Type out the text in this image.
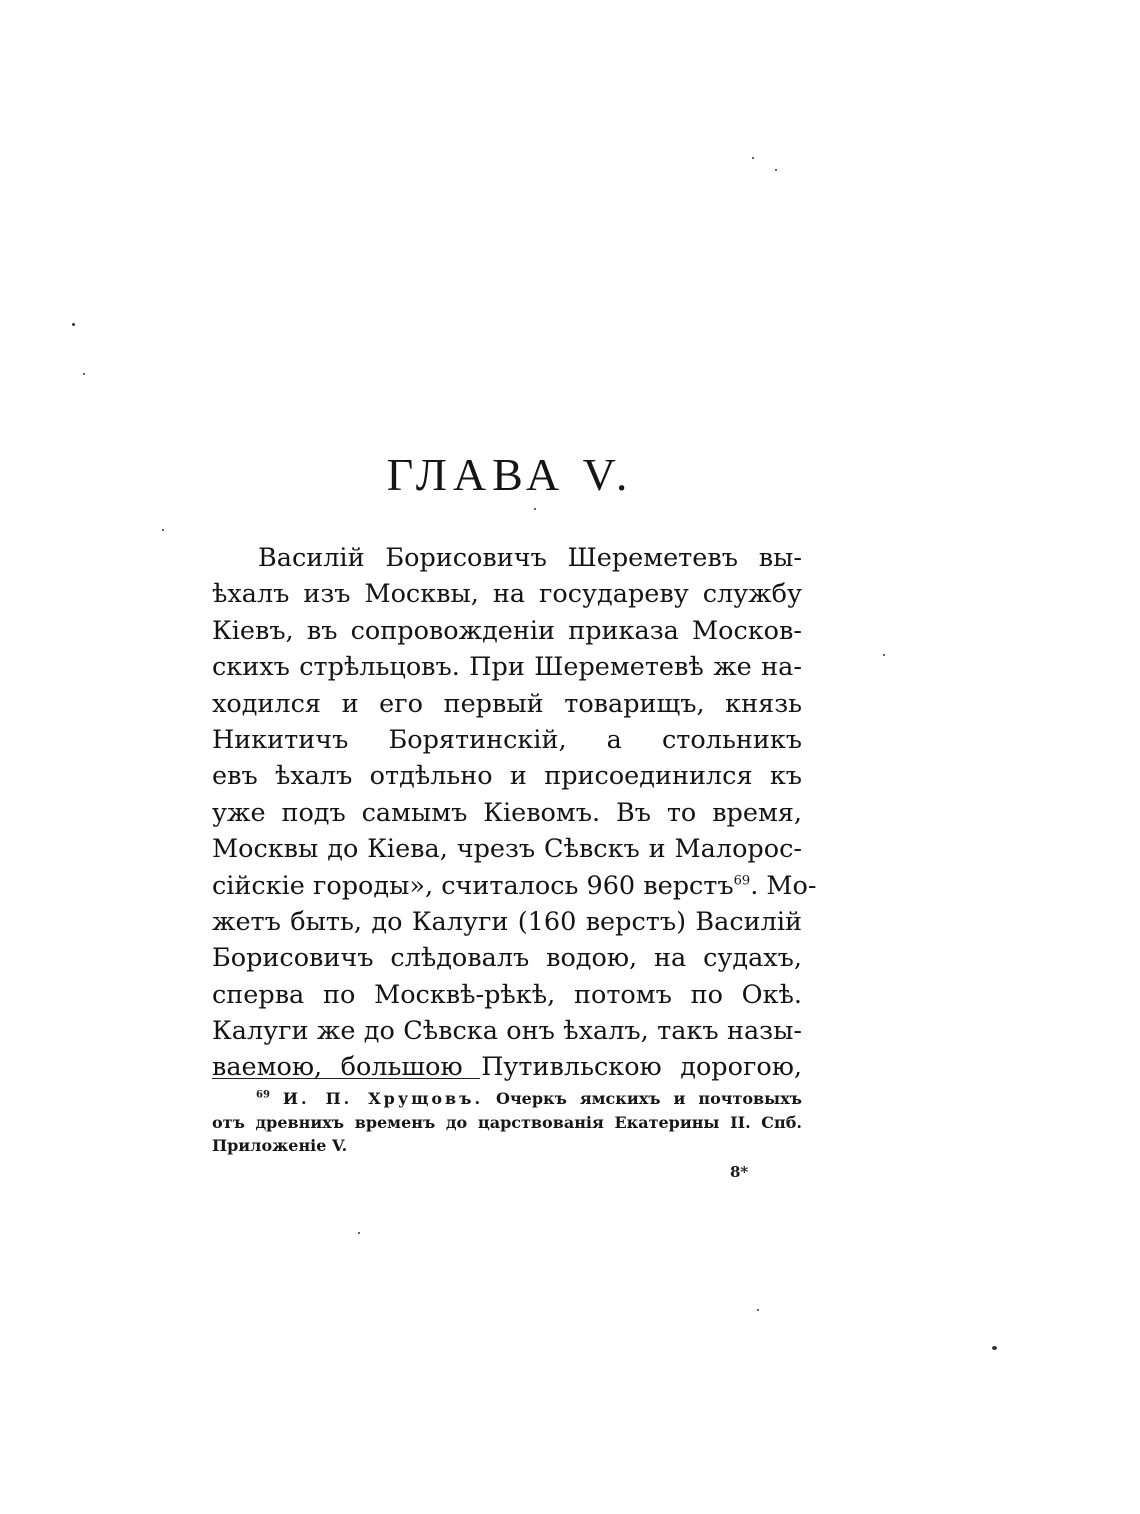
ГЛАВА V.
Василій Борисовичъ Шереметевъ вы-
ѣхалъ изъ Москвы, на государеву службу
Кіевъ, въ сопровожденіи приказа Москов-
скихъ стрѣльцовъ. При Шереметевѣ же на-
ходился и его первый товарищъ, князь
Никитичъ Борятинскій, а стольникъ
евъ ѣхалъ отдѣльно и присоединился къ
уже подъ самымъ Кіевомъ. Въ то время,
Москвы до Кіева, чрезъ Сѣвскъ и Малорос-
сійскіе городы», считалось 960 верстъ$^{69}$. Мо-
жетъ быть, до Калуги (160 верстъ) Василій
Борисовичъ слѣдовалъ водою, на судахъ,
сперва по Москвѣ-рѣкѣ, потомъ по Окѣ.
Калуги же до Сѣвска онъ ѣхалъ, такъ назы-
ваемою, большою Путивльскою дорогою,
$^{69}$ И. П. Хрущовъ. Очеркъ ямскихъ и почтовыхъ
отъ древнихъ временъ до царствованія Екатерины II. Спб.
Приложеніе V.
8*
